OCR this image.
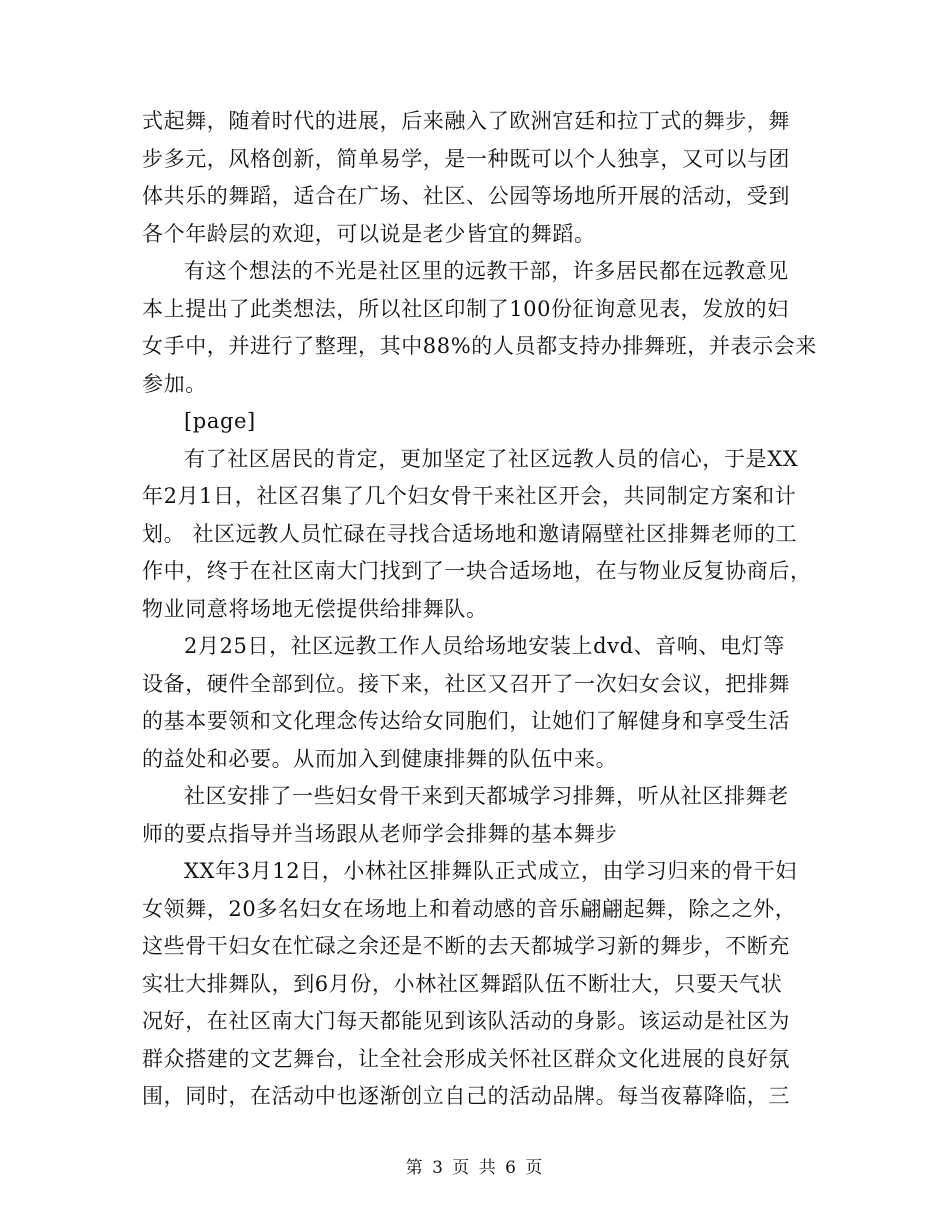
式起舞，随着时代的进展，后来融入了欧洲宫廷和拉丁式的舞步，舞
步多元，风格创新，简单易学，是一种既可以个人独享，又可以与团
体共乐的舞蹈，适合在广场、社区、公园等场地所开展的活动，受到
各个年龄层的欢迎，可以说是老少皆宜的舞蹈。
有这个想法的不光是社区里的远教干部，许多居民都在远教意见
本上提出了此类想法，所以社区印制了100份征询意见表，发放的妇
女手中，并进行了整理，其中88%的人员都支持办排舞班，并表示会来
参加。
[page]
有了社区居民的肯定，更加坚定了社区远教人员的信心，于是XX
年2月1日，社区召集了几个妇女骨干来社区开会，共同制定方案和计
划。 社区远教人员忙碌在寻找合适场地和邀请隔壁社区排舞老师的工
作中，终于在社区南大门找到了一块合适场地，在与物业反复协商后，
物业同意将场地无偿提供给排舞队。
2月25日，社区远教工作人员给场地安装上dvd、音响、电灯等
设备，硬件全部到位。接下来，社区又召开了一次妇女会议，把排舞
的基本要领和文化理念传达给女同胞们，让她们了解健身和享受生活
的益处和必要。从而加入到健康排舞的队伍中来。
社区安排了一些妇女骨干来到天都城学习排舞，听从社区排舞老
师的要点指导并当场跟从老师学会排舞的基本舞步
XX年3月12日，小林社区排舞队正式成立，由学习归来的骨干妇
女领舞，20多名妇女在场地上和着动感的音乐翩翩起舞，除之之外，
这些骨干妇女在忙碌之余还是不断的去天都城学习新的舞步，不断充
实壮大排舞队，到6月份，小林社区舞蹈队伍不断壮大，只要天气状
况好，在社区南大门每天都能见到该队活动的身影。该运动是社区为
群众搭建的文艺舞台，让全社会形成关怀社区群众文化进展的良好氛
围，同时，在活动中也逐渐创立自己的活动品牌。每当夜幕降临，三
第 3 页 共 6 页
